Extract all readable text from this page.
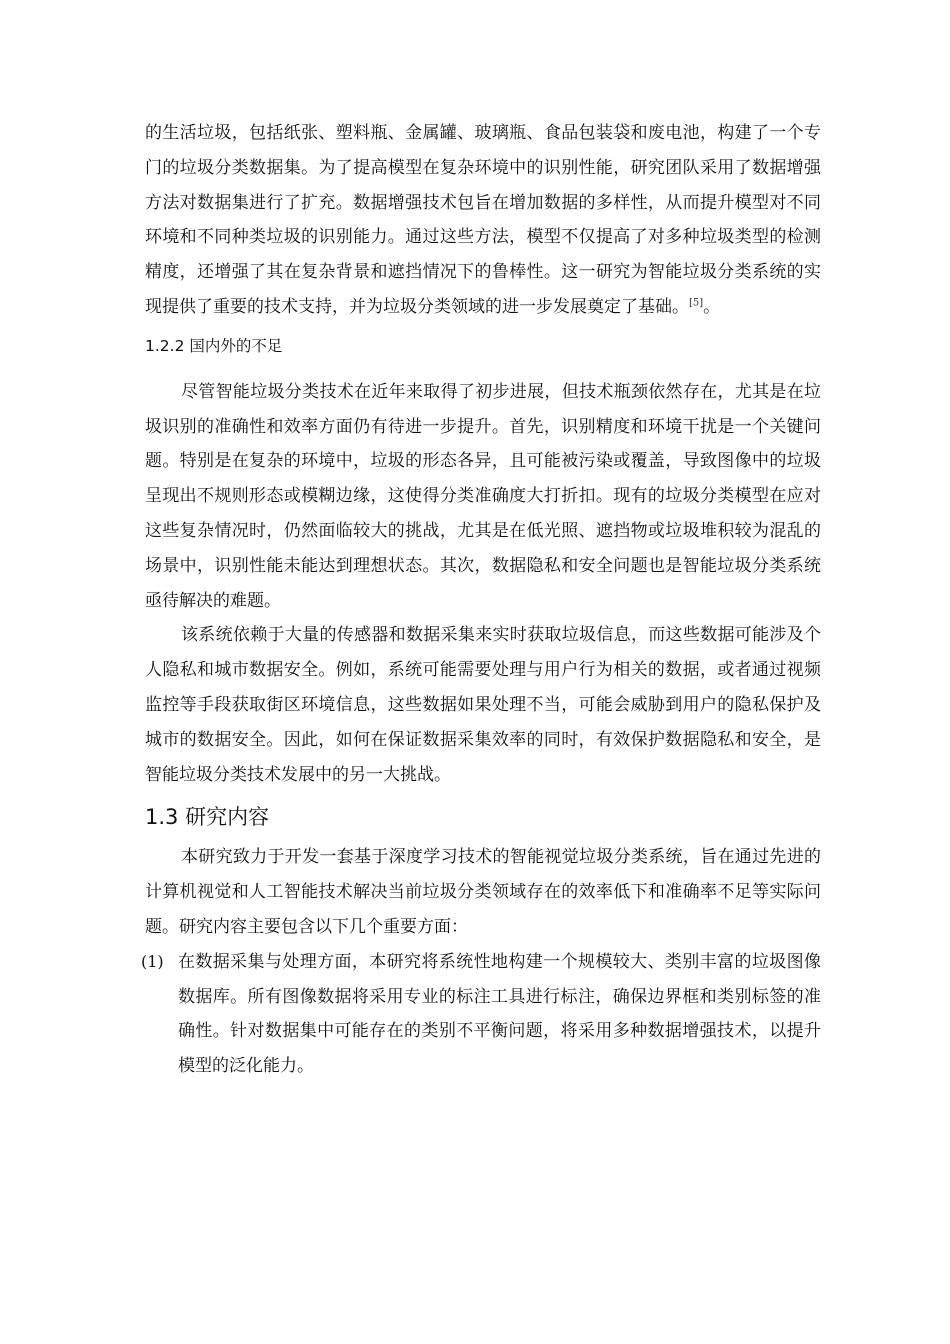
的生活垃圾，包括纸张、塑料瓶、金属罐、玻璃瓶、食品包装袋和废电池，构建了一个专门的垃圾分类数据集。为了提高模型在复杂环境中的识别性能，研究团队采用了数据增强方法对数据集进行了扩充。数据增强技术包旨在增加数据的多样性，从而提升模型对不同环境和不同种类垃圾的识别能力。通过这些方法，模型不仅提高了对多种垃圾类型的检测精度，还增强了其在复杂背景和遮挡情况下的鲁棒性。这一研究为智能垃圾分类系统的实现提供了重要的技术支持，并为垃圾分类领域的进一步发展奠定了基础。[5]。

1.2.2 国内外的不足

尽管智能垃圾分类技术在近年来取得了初步进展，但技术瓶颈依然存在，尤其是在垃圾识别的准确性和效率方面仍有待进一步提升。首先，识别精度和环境干扰是一个关键问题。特别是在复杂的环境中，垃圾的形态各异，且可能被污染或覆盖，导致图像中的垃圾呈现出不规则形态或模糊边缘，这使得分类准确度大打折扣。现有的垃圾分类模型在应对这些复杂情况时，仍然面临较大的挑战，尤其是在低光照、遮挡物或垃圾堆积较为混乱的场景中，识别性能未能达到理想状态。其次，数据隐私和安全问题也是智能垃圾分类系统亟待解决的难题。

该系统依赖于大量的传感器和数据采集来实时获取垃圾信息，而这些数据可能涉及个人隐私和城市数据安全。例如，系统可能需要处理与用户行为相关的数据，或者通过视频监控等手段获取街区环境信息，这些数据如果处理不当，可能会威胁到用户的隐私保护及城市的数据安全。因此，如何在保证数据采集效率的同时，有效保护数据隐私和安全，是智能垃圾分类技术发展中的另一大挑战。

1.3 研究内容

本研究致力于开发一套基于深度学习技术的智能视觉垃圾分类系统，旨在通过先进的计算机视觉和人工智能技术解决当前垃圾分类领域存在的效率低下和准确率不足等实际问题。研究内容主要包含以下几个重要方面：

(1) 在数据采集与处理方面，本研究将系统性地构建一个规模较大、类别丰富的垃圾图像数据库。所有图像数据将采用专业的标注工具进行标注，确保边界框和类别标签的准确性。针对数据集中可能存在的类别不平衡问题，将采用多种数据增强技术，以提升模型的泛化能力。
